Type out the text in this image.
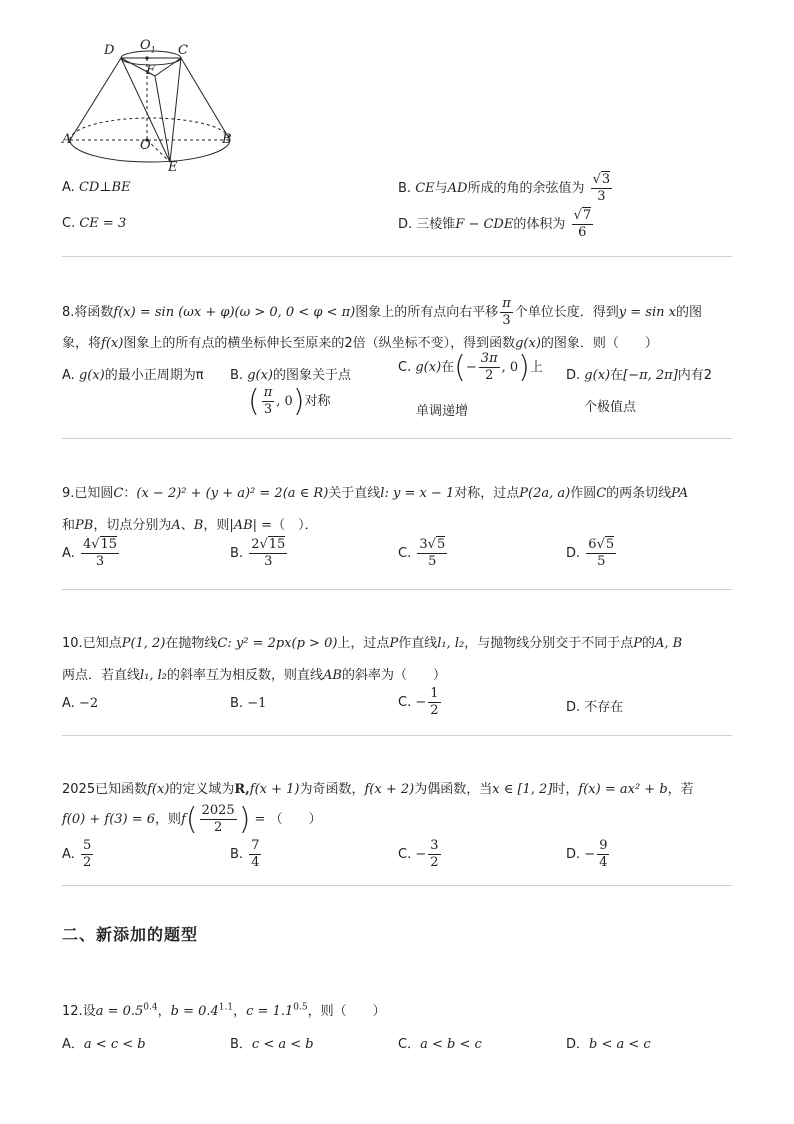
D $O_1$ C
F
A	O	B
E
A. CD⊥BE	B. CE与AD所成的角的余弦值为 $\frac{√3}{3}$
C. CE = 3	D. 三棱锥F − CDE的体积为 $\frac{√7}{6}$
8.将函数f(x) = sin (ωx + φ)(ω > 0, 0 < φ < π)图象上的所有点向右平移 $\frac{\pi}{3}$ 个单位长度．得到y = sin x的图
象，将f(x)图象上的所有点的横坐标伸长至原来的2倍（纵坐标不变），得到函数g(x)的图象．则（　　）
A. g(x)的最小正周期为π B. g(x)的图象关于点
( $\frac{\pi}{3}$ , 0)对称
C. g(x)在(− $\frac{3\pi}{2}$ , 0)上
单调递增
D. g(x)在[−π, 2π]内有2
个极值点
9.已知圆C：(x − 2)² + (y + a)² = 2(a ∈ R)关于直线l: y = x − 1对称，过点P(2a, a)作圆C的两条切线PA
和PB，切点分别为A、B，则|AB| =（　）．
A. $\frac{4√15}{3}$	B. $\frac{2√15}{3}$	C. $\frac{3√5}{5}$	D. $\frac{6√5}{5}$
10.已知点P(1, 2)在抛物线C: y² = 2px(p > 0)上，过点P作直线l₁, l₂，与抛物线分别交于不同于点P的A, B
两点．若直线l₁, l₂的斜率互为相反数，则直线AB的斜率为（　　）
A. −2	B. −1	C. − $\frac{1}{2}$	D. 不存在
2025已知函数f(x)的定义域为R,f(x + 1)为奇函数，f(x + 2)为偶函数，当x ∈ [1, 2]时，f(x) = ax² + b，若
f(0) + f(3) = 6，则$f( \frac{2025}{2}$ ) = （　　）
A. $\frac{5}{2}$	B. $\frac{7}{4}$	C. − $\frac{3}{2}$	D. − $\frac{9}{4}$
二、新添加的题型
12.设$a = 0.5^{0.4}$，$b = 0.4^{1.1}$，$c = 1.1^{0.5}$，则（　　）
A．a < c < b	B．c < a < b	C．a < b < c	D．b < a < c
